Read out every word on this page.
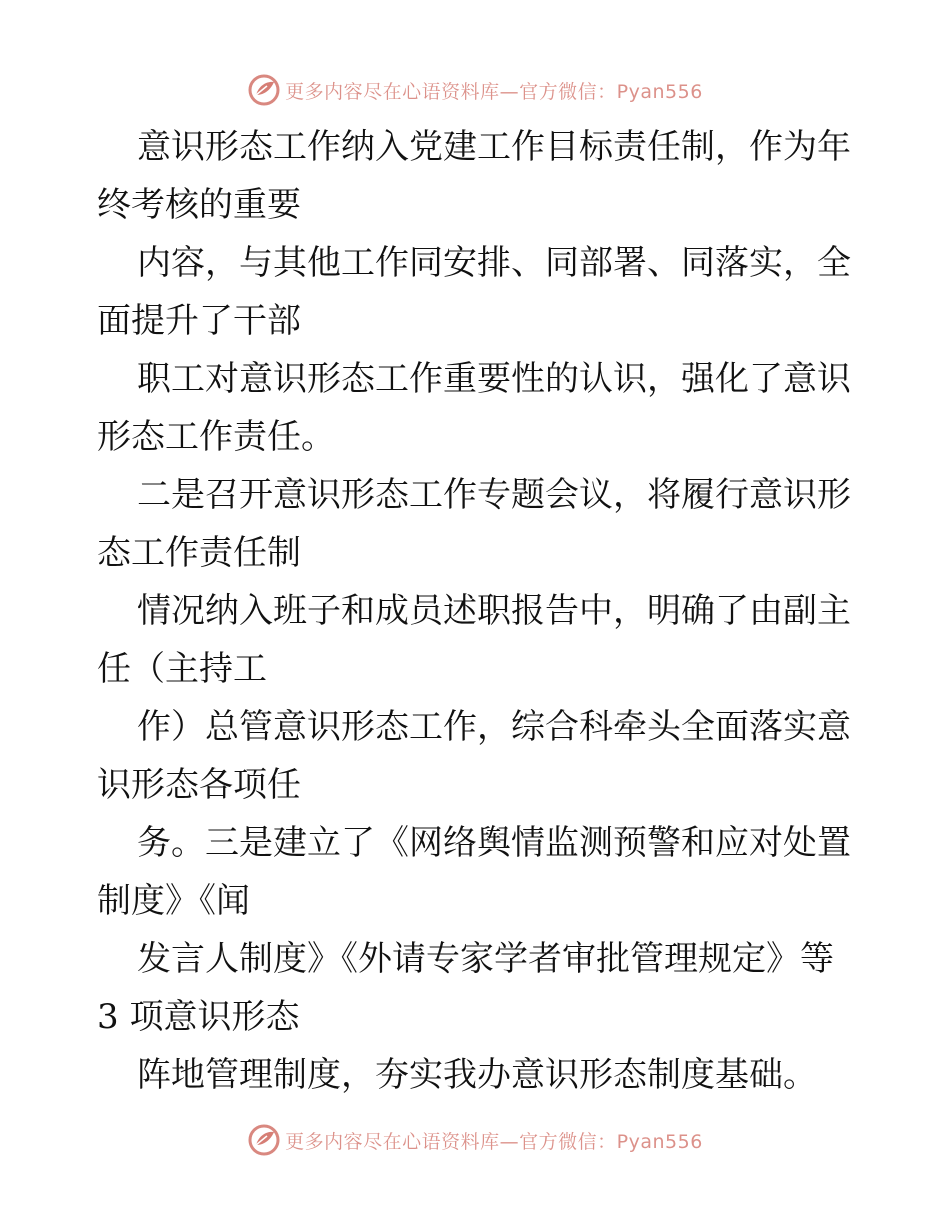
更多内容尽在心语资料库—官方微信：Pyan556

意识形态工作纳入党建工作目标责任制，作为年

终考核的重要

内容，与其他工作同安排、同部署、同落实，全

面提升了干部

职工对意识形态工作重要性的认识，强化了意识

形态工作责任。

二是召开意识形态工作专题会议，将履行意识形

态工作责任制

情况纳入班子和成员述职报告中，明确了由副主

任（主持工

作）总管意识形态工作，综合科牵头全面落实意

识形态各项任

务。三是建立了《网络舆情监测预警和应对处置

制度》《闻

发言人制度》《外请专家学者审批管理规定》等

3 项意识形态

阵地管理制度，夯实我办意识形态制度基础。

更多内容尽在心语资料库—官方微信：Pyan556
